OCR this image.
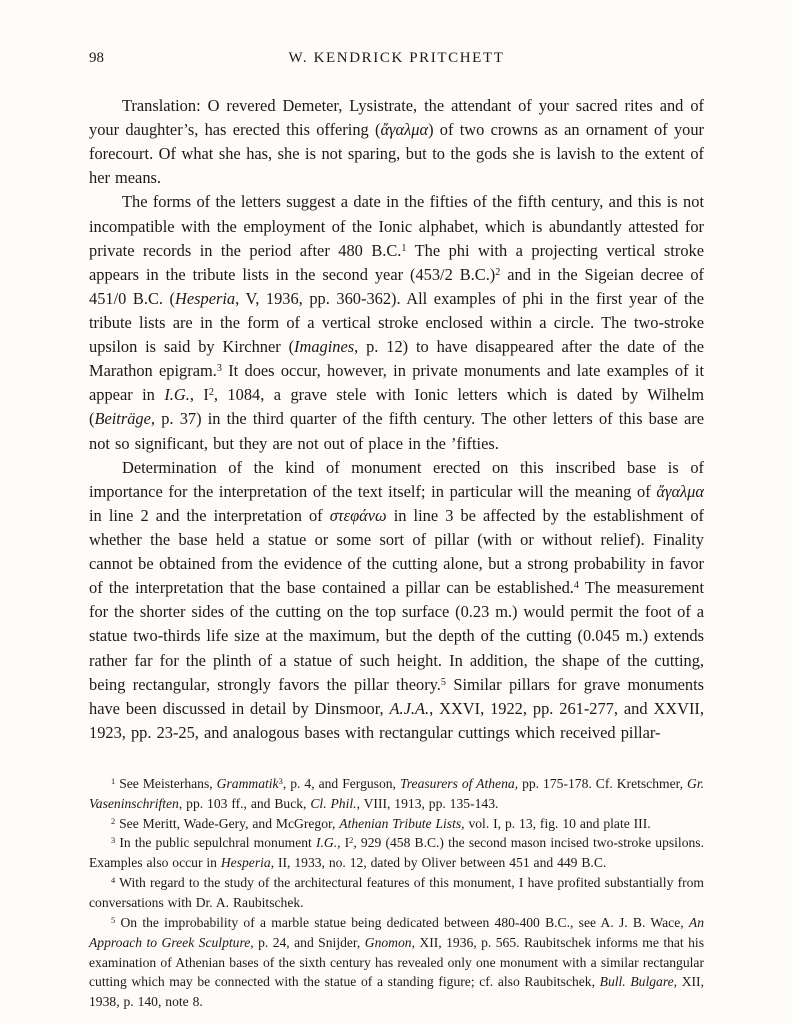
98	W. KENDRICK PRITCHETT

Translation: O revered Demeter, Lysistrate, the attendant of your sacred rites and of your daughter’s, has erected this offering (ἄγαλμα) of two crowns as an ornament of your forecourt. Of what she has, she is not sparing, but to the gods she is lavish to the extent of her means.

The forms of the letters suggest a date in the fifties of the fifth century, and this is not incompatible with the employment of the Ionic alphabet, which is abundantly attested for private records in the period after 480 B.C.$^1$ The phi with a projecting vertical stroke appears in the tribute lists in the second year (453/2 B.C.)$^2$ and in the Sigeian decree of 451/0 B.C. (Hesperia, V, 1936, pp. 360-362). All examples of phi in the first year of the tribute lists are in the form of a vertical stroke enclosed within a circle. The two-stroke upsilon is said by Kirchner (Imagines, p. 12) to have disappeared after the date of the Marathon epigram.$^3$ It does occur, however, in private monuments and late examples of it appear in I.G., $I^2$, 1084, a grave stele with Ionic letters which is dated by Wilhelm (Beiträge, p. 37) in the third quarter of the fifth century. The other letters of this base are not so significant, but they are not out of place in the ’fifties.

Determination of the kind of monument erected on this inscribed base is of importance for the interpretation of the text itself; in particular will the meaning of ἄγαλμα in line 2 and the interpretation of στεφάνω in line 3 be affected by the establishment of whether the base held a statue or some sort of pillar (with or without relief). Finality cannot be obtained from the evidence of the cutting alone, but a strong probability in favor of the interpretation that the base contained a pillar can be established.$^4$ The measurement for the shorter sides of the cutting on the top surface (0.23 m.) would permit the foot of a statue two-thirds life size at the maximum, but the depth of the cutting (0.045 m.) extends rather far for the plinth of a statue of such height. In addition, the shape of the cutting, being rectangular, strongly favors the pillar theory.$^5$ Similar pillars for grave monuments have been discussed in detail by Dinsmoor, A.J.A., XXVI, 1922, pp. 261-277, and XXVII, 1923, pp. 23-25, and analogous bases with rectangular cuttings which received pillar-

$^1$ See Meisterhans, Grammatik$^3$, p. 4, and Ferguson, Treasurers of Athena, pp. 175-178. Cf. Kretschmer, Gr. Vaseninschriften, pp. 103 ff., and Buck, Cl. Phil., VIII, 1913, pp. 135-143.

$^2$ See Meritt, Wade-Gery, and McGregor, Athenian Tribute Lists, vol. I, p. 13, fig. 10 and plate III.

$^3$ In the public sepulchral monument I.G., $I^2$, 929 (458 B.C.) the second mason incised two-stroke upsilons. Examples also occur in Hesperia, II, 1933, no. 12, dated by Oliver between 451 and 449 B.C.

$^4$ With regard to the study of the architectural features of this monument, I have profited substantially from conversations with Dr. A. Raubitschek.

$^5$ On the improbability of a marble statue being dedicated between 480-400 B.C., see A. J. B. Wace, An Approach to Greek Sculpture, p. 24, and Snijder, Gnomon, XII, 1936, p. 565. Raubitschek informs me that his examination of Athenian bases of the sixth century has revealed only one monument with a similar rectangular cutting which may be connected with the statue of a standing figure; cf. also Raubitschek, Bull. Bulgare, XII, 1938, p. 140, note 8.
